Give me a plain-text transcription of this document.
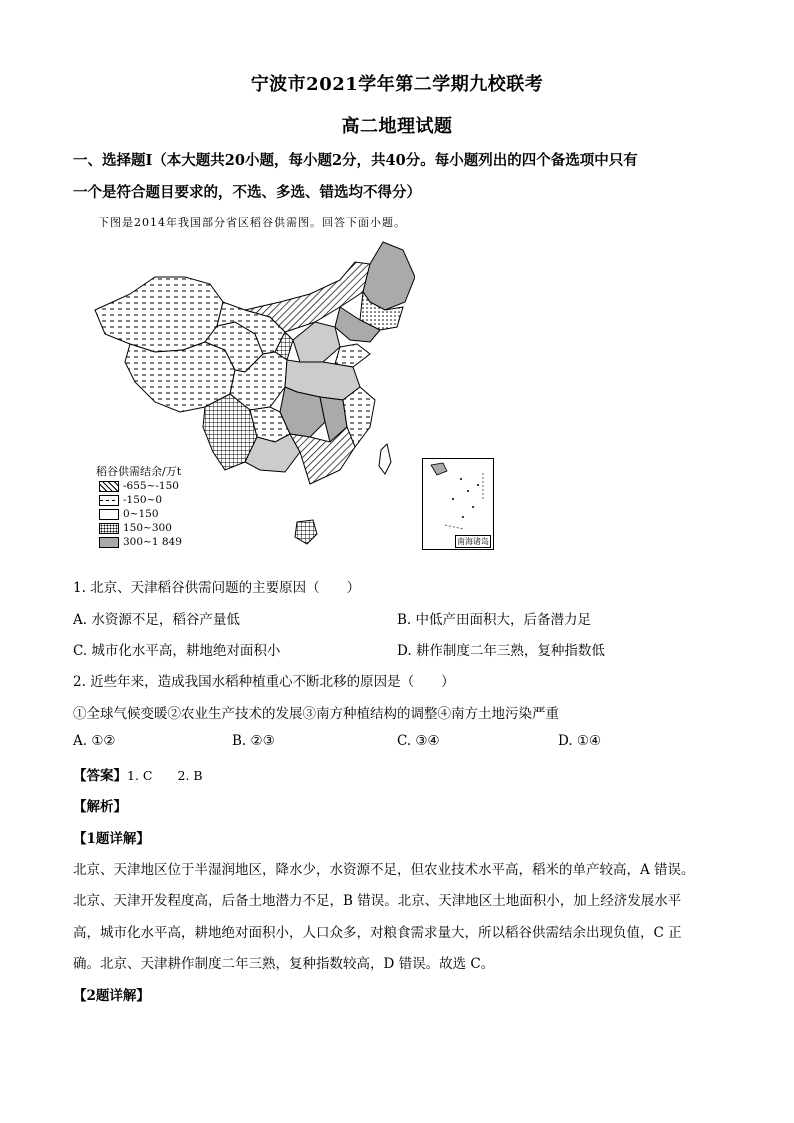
宁波市2021学年第二学期九校联考
高二地理试题
一、选择题Ⅰ（本大题共20小题，每小题2分，共40分。每小题列出的四个备选项中只有
一个是符合题目要求的，不选、多选、错选均不得分）
下图是2014年我国部分省区稻谷供需图。回答下面小题。
稻谷供需结余/万t
-655~-150
-150~0
0~150
150~300
300~1 849	南海诸岛
1. 北京、天津稻谷供需问题的主要原因（　　）
A. 水资源不足，稻谷产量低	B. 中低产田面积大，后备潜力足
C. 城市化水平高，耕地绝对面积小	D. 耕作制度二年三熟，复种指数低
2. 近些年来，造成我国水稻种植重心不断北移的原因是（　　）
①全球气候变暖②农业生产技术的发展③南方种植结构的调整④南方土地污染严重
A. ①②	B. ②③	C. ③④	D. ①④
【答案】1. C　　2. B
【解析】
【1题详解】
北京、天津地区位于半湿润地区，降水少，水资源不足，但农业技术水平高，稻米的单产较高，A 错误。
北京、天津开发程度高，后备土地潜力不足，B 错误。北京、天津地区土地面积小，加上经济发展水平
高，城市化水平高，耕地绝对面积小，人口众多，对粮食需求量大，所以稻谷供需结余出现负值，C 正
确。北京、天津耕作制度二年三熟，复种指数较高，D 错误。故选 C。
【2题详解】
